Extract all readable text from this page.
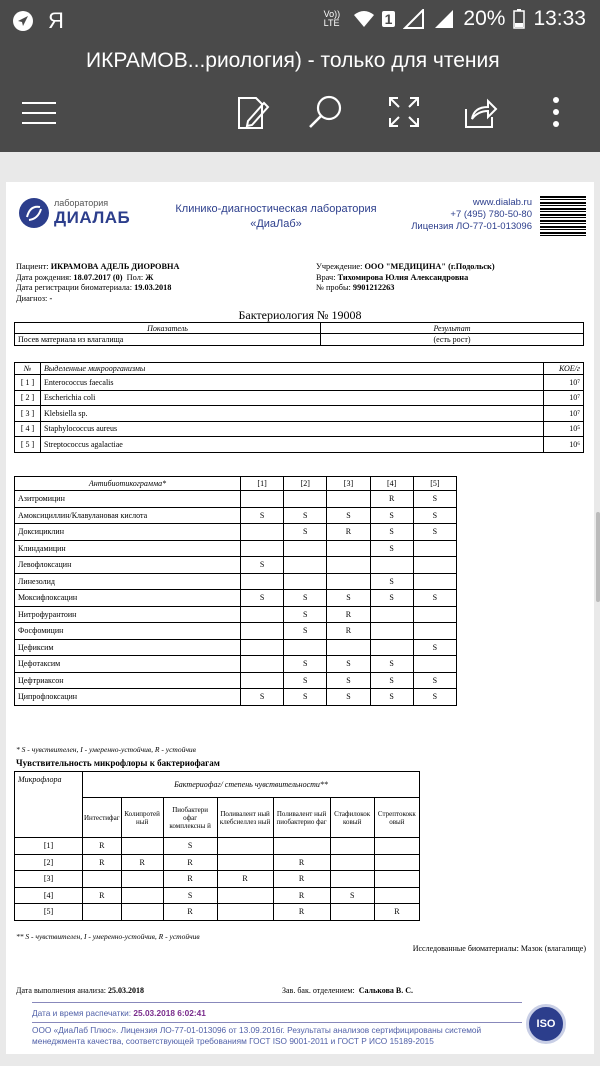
Я	Vo)) LTE	1	20% 13:33
ИКРАМОВ...риология) - только для чтения
лаборатория
ДИАЛАБ	Клинико-диагностическая лаборатория
«ДиаЛаб»
www.dialab.ru
+7 (495) 780-50-80
Лицензия ЛО-77-01-013096
Пациент: ИКРАМОВА АДЕЛЬ ДИОРОВНА
Дата рождения: 18.07.2017 (0) Пол: Ж
Дата регистрации биоматериала: 19.03.2018
Диагноз: -
Учреждение: ООО "МЕДИЦИНА" (г.Подольск)
Врач: Тихомирова Юлия Александровна
№ пробы: 9901212263
Бактериология № 19008
Показатель	Результат
Посев материала из влагалища	(есть рост)
№	Выделенные микроорганизмы	КОЕ/г
[ 1 ]	Enterococcus faecalis	10⁷
[ 2 ]	Escherichia coli	10⁷
[ 3 ]	Klebsiella sp.	10⁷
[ 4 ]	Staphylococcus aureus	10⁵
[ 5 ]	Streptococcus agalactiae	10⁶
Антибиотикограмма*	[1]	[2]	[3]	[4]	[5]
Азитромицин				R	S
Амоксициллин/Клавулановая кислота	S	S	S	S	S
Доксициклин		S	R	S	S
Клиндамицин				S	
Левофлоксацин	S				
Линезолид				S	
Моксифлоксацин	S	S	S	S	S
Нитрофурантоин		S	R		
Фосфомицин		S	R		
Цефиксим					S
Цефотаксим		S	S	S	
Цефтриаксон		S	S	S	S
Ципрофлоксацин	S	S	S	S	S
* S - чувствителен, I - умеренно-устойчив, R - устойчив
Чувствительность микрофлоры к бактериофагам
Микрофлора	Бактериофаг/ степень чувствительности**						
	Интестифаг	Колипротей ный	Пиобактери офаг комплексны й	Поливалент ный клебсиеллез ный	Поливалент ный пиобактерио фаг	Стафилокок ковый	Стрептококк овый
[1]	R		S				
[2]	R	R	R		R		
[3]			R	R	R		
[4]	R		S		R	S	
[5]			R		R		R
** S - чувствителен, I - умеренно-устойчив, R - устойчив
Исследованные биоматериалы: Мазок (влагалище)
Дата выполнения анализа: 25.03.2018	Зав. бак. отделением: Салькова В. С.
Дата и время распечатки: 25.03.2018 6:02:41
ООО «ДиаЛаб Плюс». Лицензия ЛО-77-01-013096 от 13.09.2016г. Результаты анализов сертифицированы системой
менеджмента качества, соответствующей требованиям ГОСТ ISO 9001-2011 и ГОСТ Р ИСО 15189-2015
ISO
